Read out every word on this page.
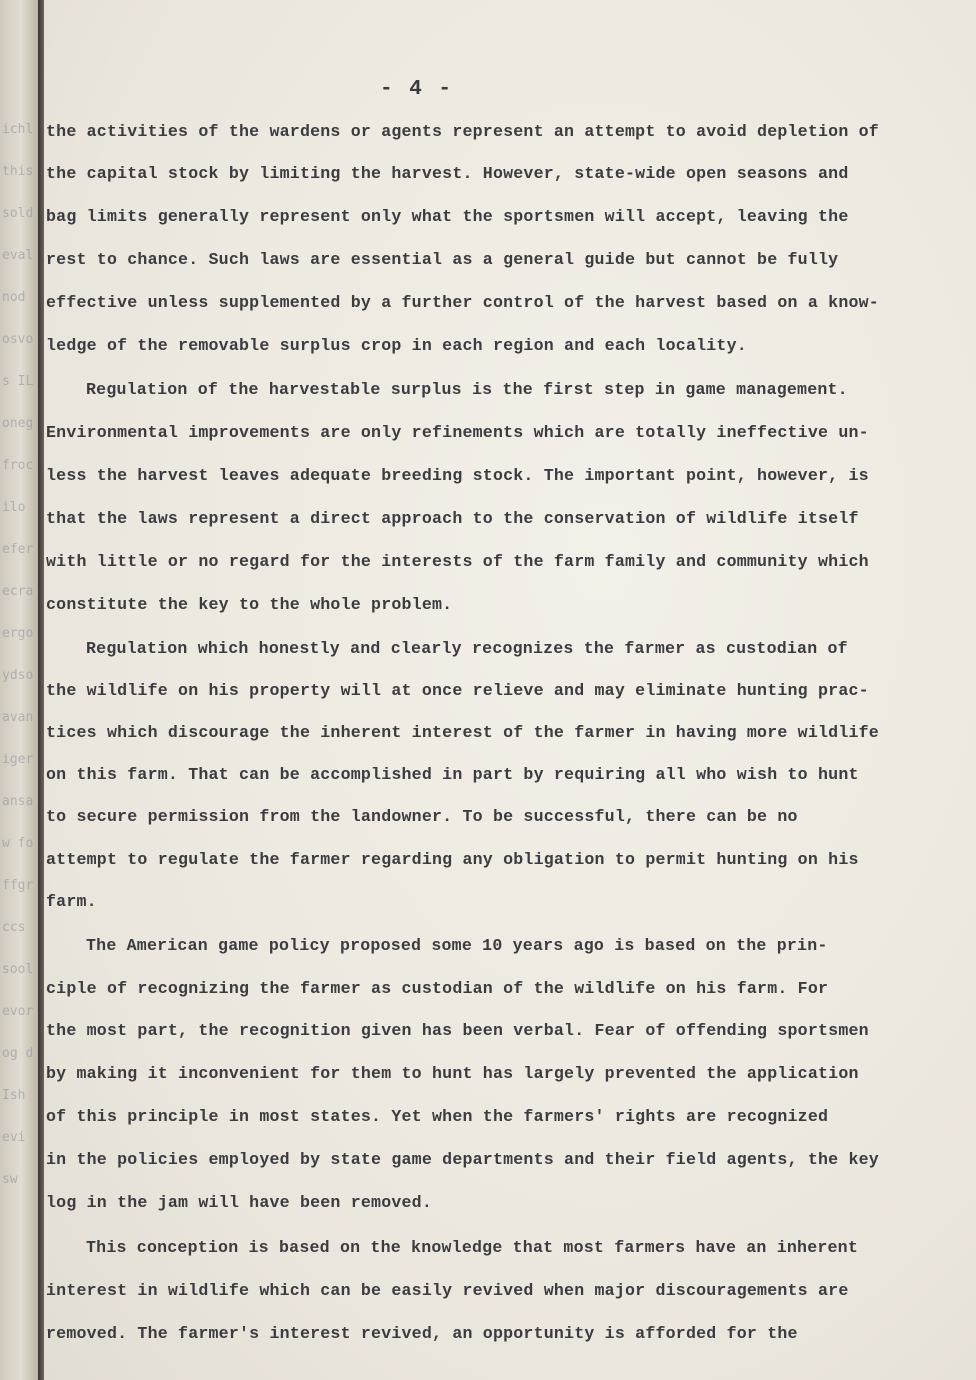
ichl
this
sold
eval
nod
osvo
s IL
oneg
froc
ilo
efer
ecra
ergo
ydso
avan
iger
ansa
w fo
ffgr
ccs
sool
evor
og d
Ish
evi
sw
- 4 -
the activities of the wardens or agents represent an attempt to avoid depletion of
the capital stock by limiting the harvest. However, state-wide open seasons and
bag limits generally represent only what the sportsmen will accept, leaving the
rest to chance. Such laws are essential as a general guide but cannot be fully
effective unless supplemented by a further control of the harvest based on a know-
ledge of the removable surplus crop in each region and each locality.
Regulation of the harvestable surplus is the first step in game management.
Environmental improvements are only refinements which are totally ineffective un-
less the harvest leaves adequate breeding stock. The important point, however, is
that the laws represent a direct approach to the conservation of wildlife itself
with little or no regard for the interests of the farm family and community which
constitute the key to the whole problem.
Regulation which honestly and clearly recognizes the farmer as custodian of
the wildlife on his property will at once relieve and may eliminate hunting prac-
tices which discourage the inherent interest of the farmer in having more wildlife
on this farm. That can be accomplished in part by requiring all who wish to hunt
to secure permission from the landowner. To be successful, there can be no
attempt to regulate the farmer regarding any obligation to permit hunting on his
farm.
The American game policy proposed some 10 years ago is based on the prin-
ciple of recognizing the farmer as custodian of the wildlife on his farm. For
the most part, the recognition given has been verbal. Fear of offending sportsmen
by making it inconvenient for them to hunt has largely prevented the application
of this principle in most states. Yet when the farmers' rights are recognized
in the policies employed by state game departments and their field agents, the key
log in the jam will have been removed.
This conception is based on the knowledge that most farmers have an inherent
interest in wildlife which can be easily revived when major discouragements are
removed. The farmer's interest revived, an opportunity is afforded for the
